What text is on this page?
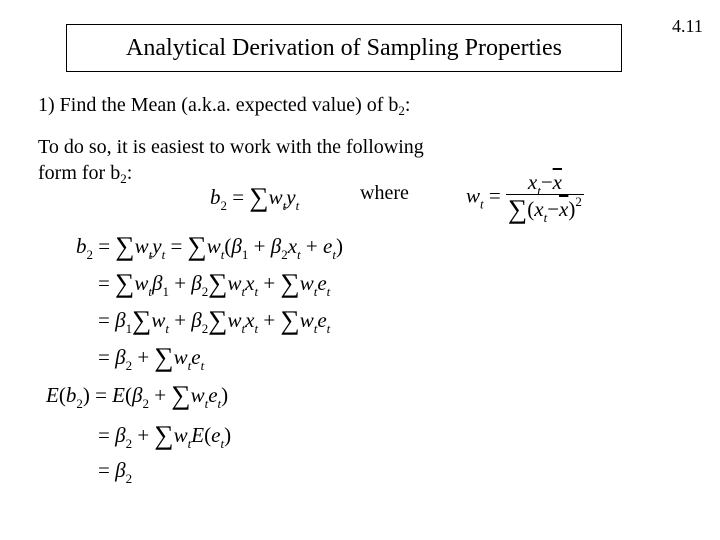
Analytical Derivation of Sampling Properties
4.11
1) Find the Mean (a.k.a. expected value) of $b_2$:
To do so, it is easiest to work with the following
form for $b_2$:
$b_2 = \sum w_ty_t$
where	$w_t = \frac{x_t-\overline{x}}{\sum(x_t-\overline{x})^2}$
$b_2 = \sum w_ty_t = \sum w_t(\beta_1 + \beta_2x_t + e_t)$
= $\sum w_t\beta_1 + \beta_2\sum w_tx_t + \sum w_te_t$
= $\beta_1\sum w_t + \beta_2\sum w_tx_t + \sum w_te_t$
= $\beta_2 + \sum w_te_t$
$E(b_2) = E(\beta_2 + \sum w_te_t)$
= $\beta_2 + \sum w_tE(e_t)$
= $\beta_2$
